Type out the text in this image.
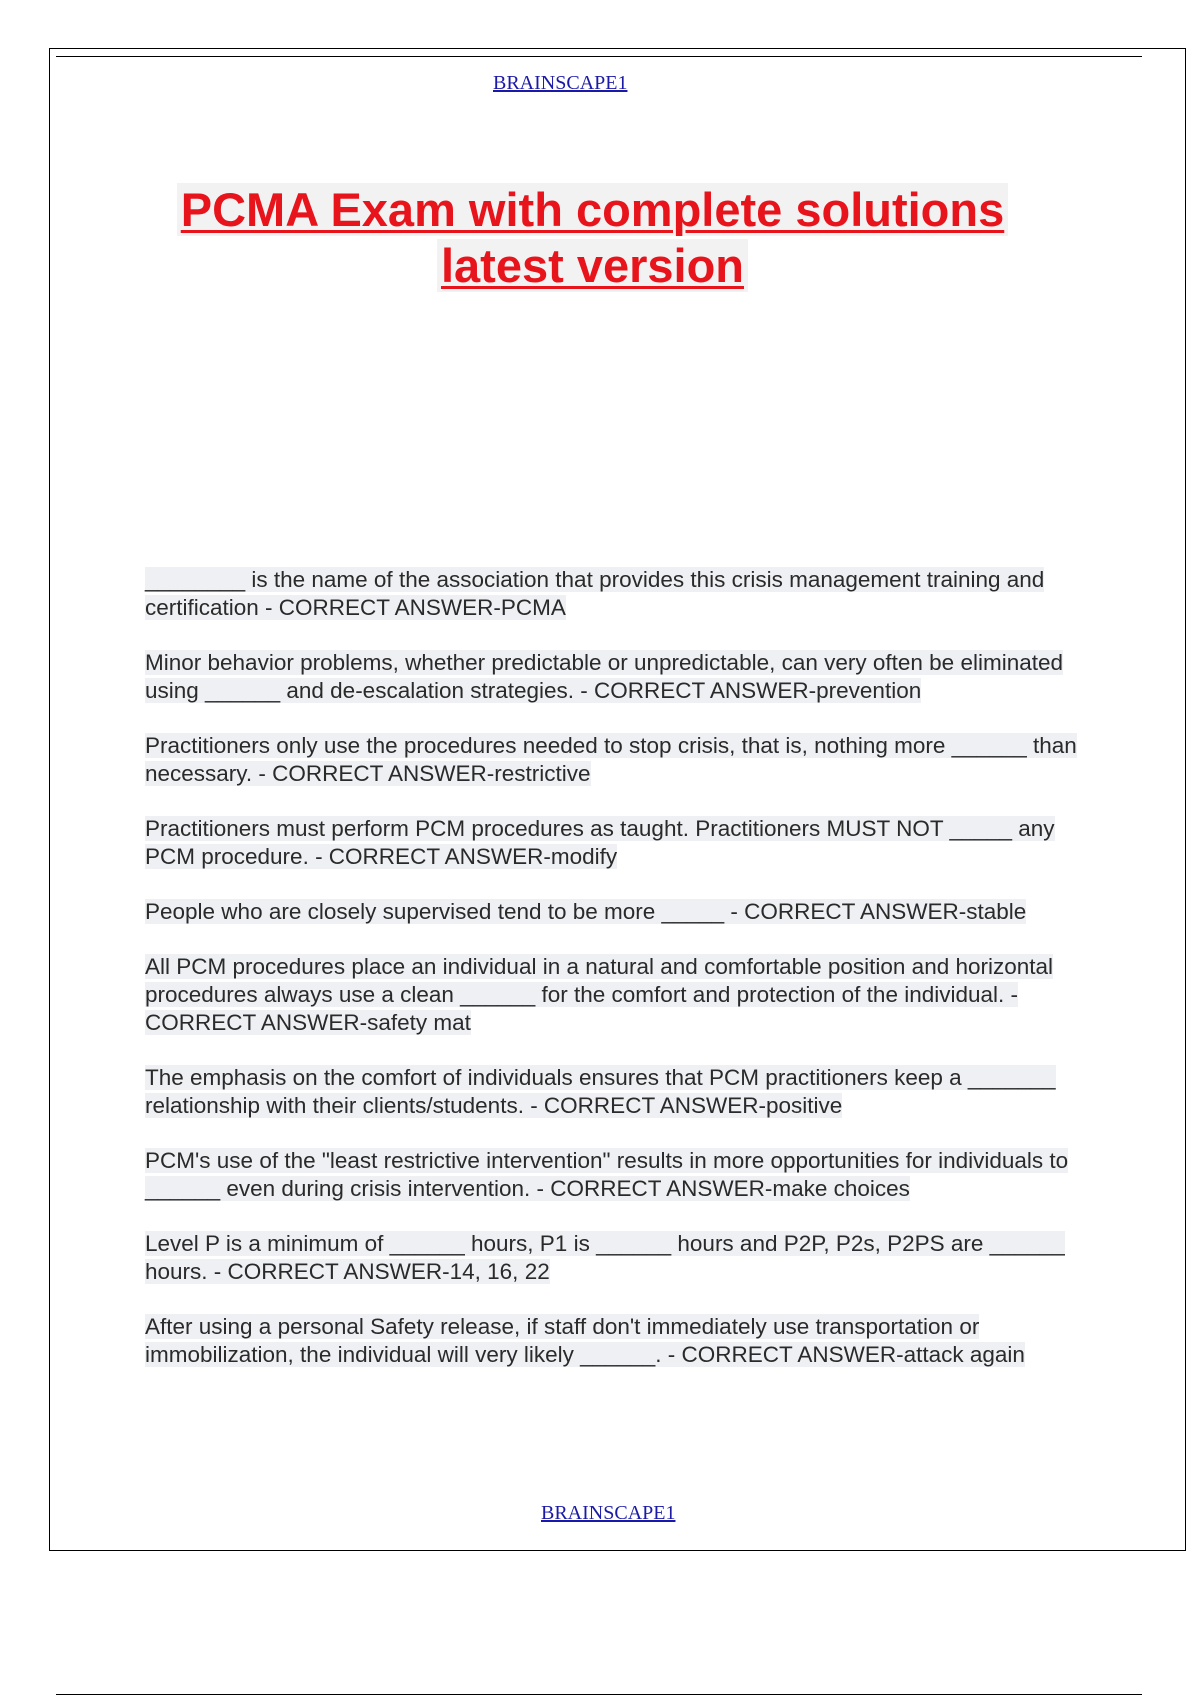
BRAINSCAPE1
PCMA Exam with complete solutions
latest version

________ is the name of the association that provides this crisis management training and certification - CORRECT ANSWER-PCMA

Minor behavior problems, whether predictable or unpredictable, can very often be eliminated using ______ and de-escalation strategies. - CORRECT ANSWER-prevention

Practitioners only use the procedures needed to stop crisis, that is, nothing more ______ than necessary. - CORRECT ANSWER-restrictive

Practitioners must perform PCM procedures as taught. Practitioners MUST NOT _____ any PCM procedure. - CORRECT ANSWER-modify

People who are closely supervised tend to be more _____ - CORRECT ANSWER-stable

All PCM procedures place an individual in a natural and comfortable position and horizontal procedures always use a clean ______ for the comfort and protection of the individual. - CORRECT ANSWER-safety mat

The emphasis on the comfort of individuals ensures that PCM practitioners keep a _______ relationship with their clients/students. - CORRECT ANSWER-positive

PCM's use of the "least restrictive intervention" results in more opportunities for individuals to ______ even during crisis intervention. - CORRECT ANSWER-make choices

Level P is a minimum of ______ hours, P1 is ______ hours and P2P, P2s, P2PS are ______ hours. - CORRECT ANSWER-14, 16, 22

After using a personal Safety release, if staff don't immediately use transportation or immobilization, the individual will very likely ______. - CORRECT ANSWER-attack again

BRAINSCAPE1
